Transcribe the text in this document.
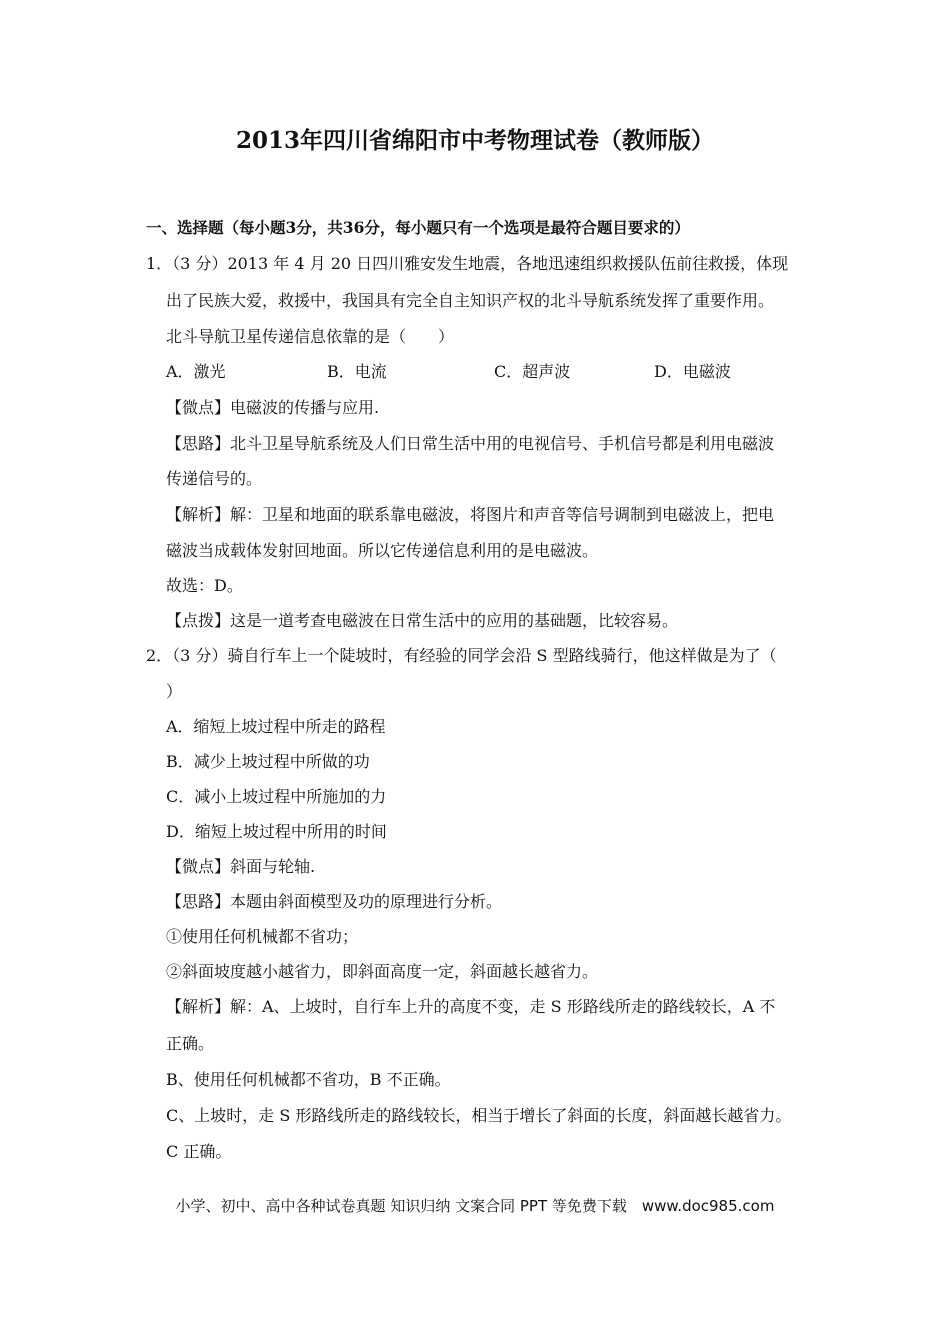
2013年四川省绵阳市中考物理试卷（教师版）
一、选择题（每小题3分，共36分，每小题只有一个选项是最符合题目要求的）
1．（3 分）2013 年 4 月 20 日四川雅安发生地震，各地迅速组织救援队伍前往救援，体现
出了民族大爱，救援中，我国具有完全自主知识产权的北斗导航系统发挥了重要作用。
北斗导航卫星传递信息依靠的是（　　）
A．激光	B．电流	C．超声波	D．电磁波
【微点】电磁波的传播与应用.
【思路】北斗卫星导航系统及人们日常生活中用的电视信号、手机信号都是利用电磁波
传递信号的。
【解析】解：卫星和地面的联系靠电磁波，将图片和声音等信号调制到电磁波上，把电
磁波当成载体发射回地面。所以它传递信息利用的是电磁波。
故选：D。
【点拨】这是一道考查电磁波在日常生活中的应用的基础题，比较容易。
2．（3 分）骑自行车上一个陡坡时，有经验的同学会沿 S 型路线骑行，他这样做是为了（
）
A．缩短上坡过程中所走的路程
B．减少上坡过程中所做的功
C．减小上坡过程中所施加的力
D．缩短上坡过程中所用的时间
【微点】斜面与轮轴.
【思路】本题由斜面模型及功的原理进行分析。
①使用任何机械都不省功；
②斜面坡度越小越省力，即斜面高度一定，斜面越长越省力。
【解析】解：A、上坡时，自行车上升的高度不变，走 S 形路线所走的路线较长，A 不
正确。
B、使用任何机械都不省功，B 不正确。
C、上坡时，走 S 形路线所走的路线较长，相当于增长了斜面的长度，斜面越长越省力。
C 正确。
小学、初中、高中各种试卷真题 知识归纳 文案合同 PPT 等免费下载　www.doc985.com
